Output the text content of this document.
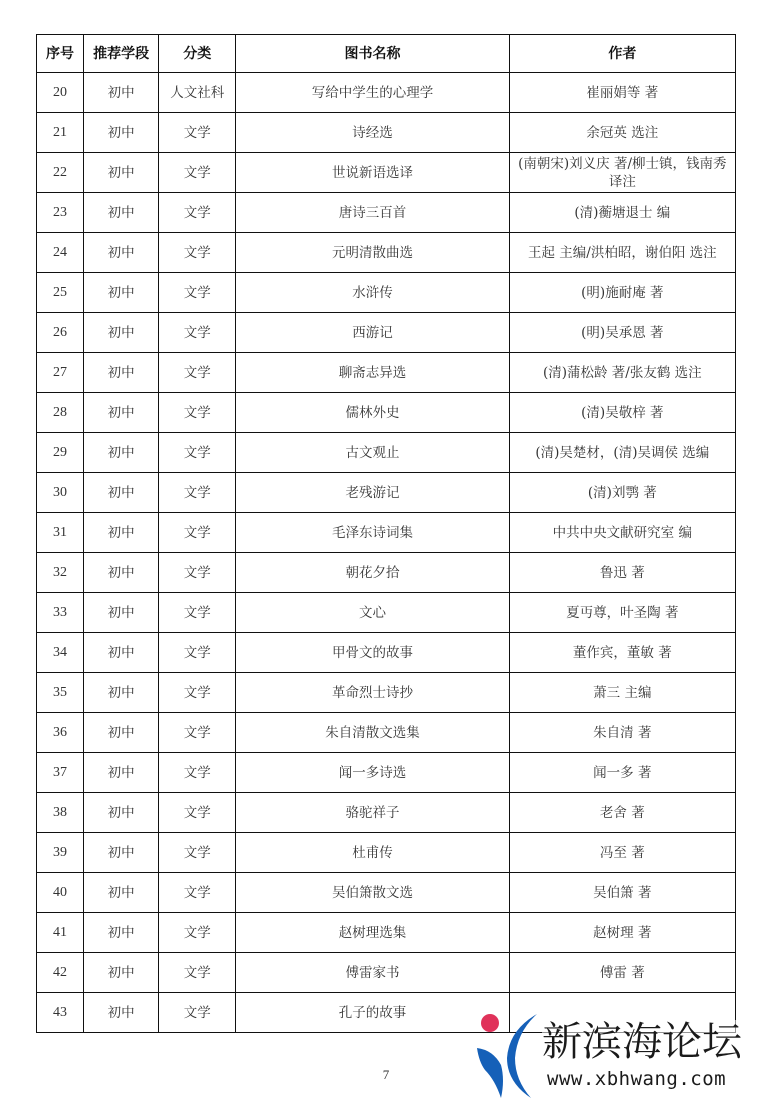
序号	推荐学段	分类	图书名称	作者
20	初中	人文社科	写给中学生的心理学	崔丽娟等 著
21	初中	文学	诗经选	余冠英 选注
22	初中	文学	世说新语选译	(南朝宋)刘义庆 著/柳士镇，钱南秀 译注
23	初中	文学	唐诗三百首	(清)蘅塘退士 编
24	初中	文学	元明清散曲选	王起 主编/洪柏昭，谢伯阳 选注
25	初中	文学	水浒传	(明)施耐庵 著
26	初中	文学	西游记	(明)吴承恩 著
27	初中	文学	聊斋志异选	(清)蒲松龄 著/张友鹤 选注
28	初中	文学	儒林外史	(清)吴敬梓 著
29	初中	文学	古文观止	(清)吴楚材，(清)吴调侯 选编
30	初中	文学	老残游记	(清)刘鹗 著
31	初中	文学	毛泽东诗词集	中共中央文献研究室 编
32	初中	文学	朝花夕拾	鲁迅 著
33	初中	文学	文心	夏丏尊，叶圣陶 著
34	初中	文学	甲骨文的故事	董作宾，董敏 著
35	初中	文学	革命烈士诗抄	萧三 主编
36	初中	文学	朱自清散文选集	朱自清 著
37	初中	文学	闻一多诗选	闻一多 著
38	初中	文学	骆驼祥子	老舍 著
39	初中	文学	杜甫传	冯至 著
40	初中	文学	吴伯箫散文选	吴伯箫 著
41	初中	文学	赵树理选集	赵树理 著
42	初中	文学	傅雷家书	傅雷 著
43	初中	文学	孔子的故事	
7
新滨海论坛
www.xbhwang.com
